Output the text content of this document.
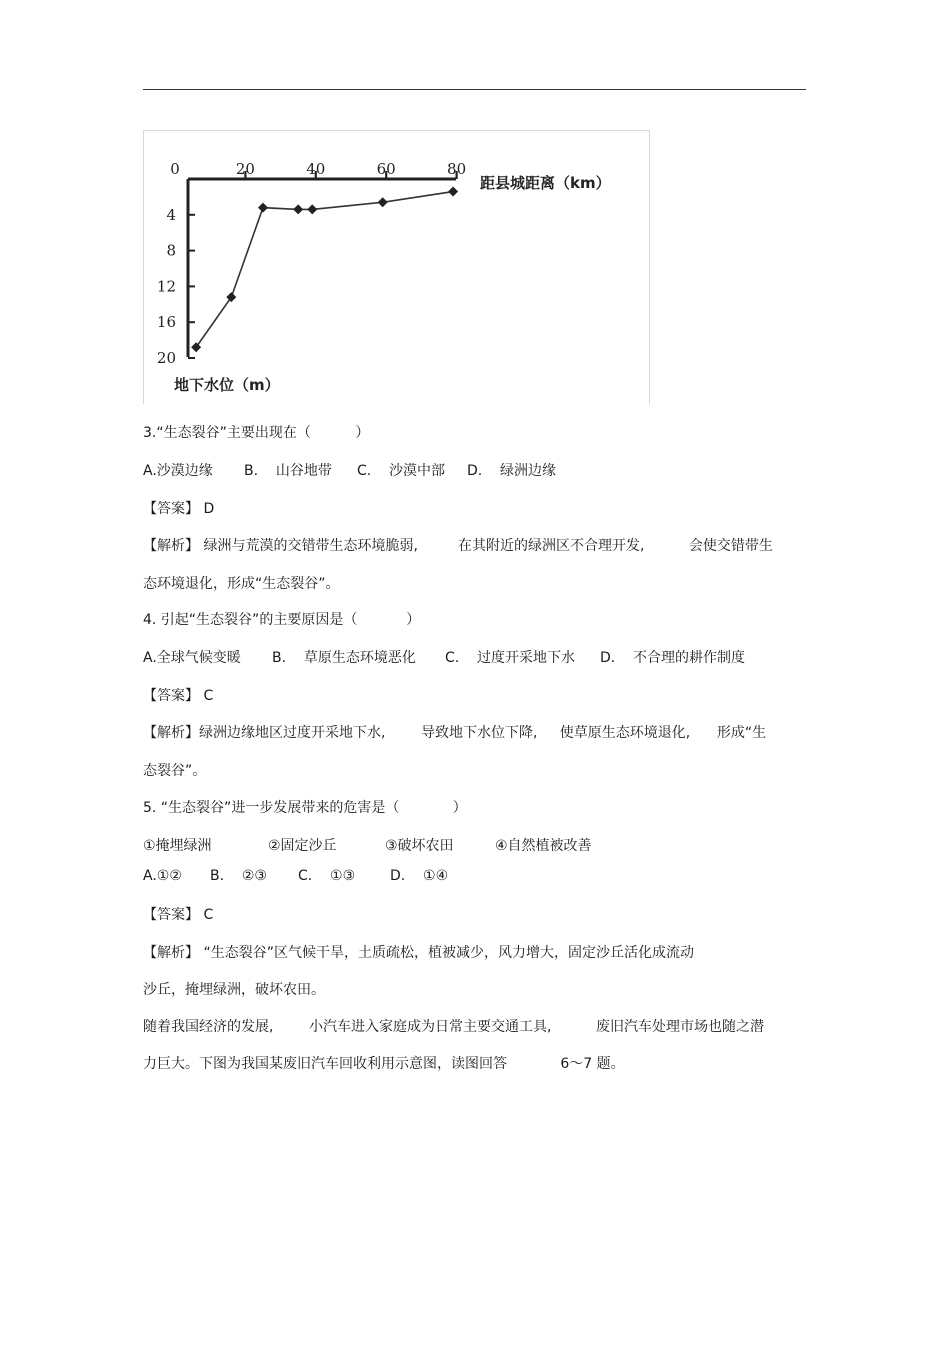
距县城距离（km）
地下水位（m）
0	20	40	60	80
4
8
12
16
20
3.“生态裂谷”主要出现在（          ）
A.沙漠边缘 B.    山谷地带 C.    沙漠中部 D.    绿洲边缘
【答案】 D
【解析】 绿洲与荒漠的交错带生态环境脆弱,         在其附近的绿洲区不合理开发,          会使交错带生
态环境退化，形成“生态裂谷”。
4. 引起“生态裂谷”的主要原因是（           ）
A.全球气候变暖 B.    草原生态环境恶化 C.    过度开采地下水 D.    不合理的耕作制度
【答案】 C
【解析】绿洲边缘地区过度开采地下水,        导致地下水位下降,     使草原生态环境退化,      形成“生
态裂谷”。
5. “生态裂谷”进一步发展带来的危害是（            ）
①掩埋绿洲	②固定沙丘	③破坏农田	④自然植被改善
A.①② B.    ②③ C.    ①③ D.    ①④
【答案】 C
【解析】 “生态裂谷”区气候干旱，土质疏松，植被减少，风力增大，固定沙丘活化成流动
沙丘，掩埋绿洲，破坏农田。
随着我国经济的发展,        小汽车进入家庭成为日常主要交通工具,          废旧汽车处理市场也随之潜
力巨大。下图为我国某废旧汽车回收利用示意图，读图回答            6～7 题。
